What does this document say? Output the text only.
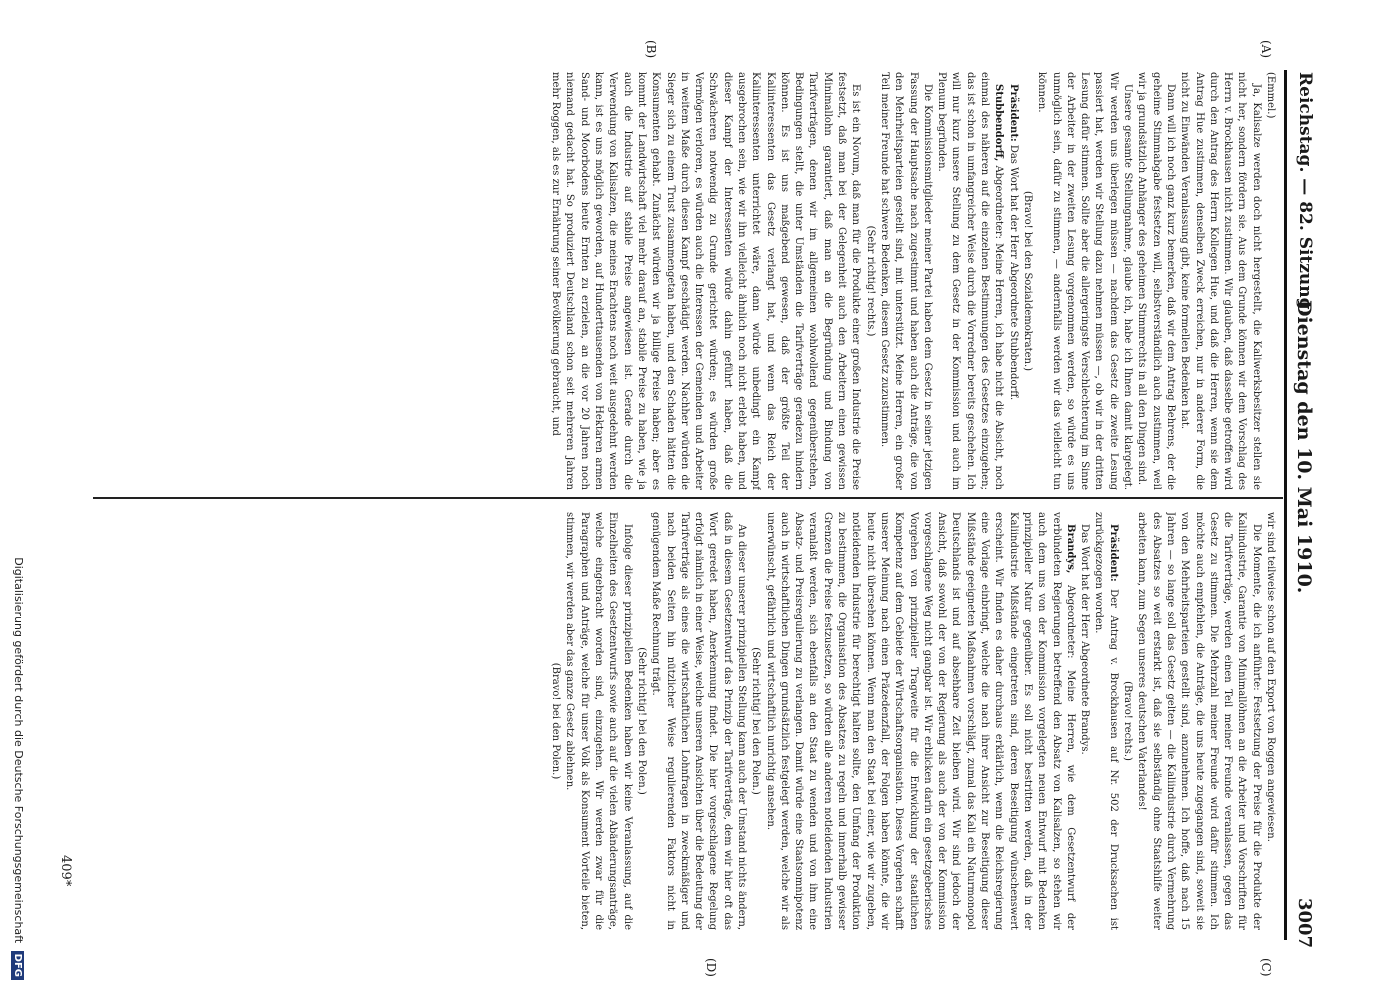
Reichstag. — 82. Sitzung.
Dienstag den 10. Mai 1910.
3007
(A)
(B)
(C)
(D)

(Emmel.)

Ja, Kalisalze werden doch nicht hergestellt, die Kaliwerksbesitzer stellen sie nicht her, sondern fördern sie. Aus dem Grunde können wir dem Vorschlag des Herrn v. Brockhausen nicht zustimmen. Wir glauben, daß dasselbe getroffen wird durch den Antrag des Herrn Kollegen Hue, und daß die Herren, wenn sie dem Antrag Hue zustimmen, denselben Zweck erreichen, nur in anderer Form, die nicht zu Einwänden Veranlassung gibt, keine formellen Bedenken hat.

Dann will ich noch ganz kurz bemerken, daß wir dem Antrag Behrens, der die geheime Stimmabgabe festsetzen will, selbstverständlich auch zustimmen, weil wir ja grundsätzlich Anhänger des geheimen Stimmrechts in all den Dingen sind.

Unsere gesamte Stellungnahme, glaube ich, habe ich Ihnen damit klargelegt. Wir werden uns überlegen müssen — nachdem das Gesetz die zweite Lesung passiert hat, werden wir Stellung dazu nehmen müssen —, ob wir in der dritten Lesung dafür stimmen. Sollte aber die allergeringste Verschlechterung im Sinne der Arbeiter in der zweiten Lesung vorgenommen werden, so würde es uns unmöglich sein, dafür zu stimmen, — andernfalls werden wir das vielleicht tun können.

(Bravo! bei den Sozialdemokraten.)

Präsident: Das Wort hat der Herr Abgeordnete Stubbendorff.

Stubbendorff, Abgeordneter: Meine Herren, ich habe nicht die Absicht, noch einmal des näheren auf die einzelnen Bestimmungen des Gesetzes einzugehen; das ist schon in umfangreicher Weise durch die Vorredner bereits geschehen. Ich will nur kurz unsere Stellung zu dem Gesetz in der Kommission und auch im Plenum begründen.

Die Kommissionsmitglieder meiner Partei haben dem Gesetz in seiner jetzigen Fassung der Hauptsache nach zugestimmt und haben auch die Anträge, die von den Mehrheitsparteien gestellt sind, mit unterstützt. Meine Herren, ein großer Teil meiner Freunde hat schwere Bedenken, diesem Gesetz zuzustimmen.

(Sehr richtig! rechts.)

Es ist ein Novum, daß man für die Produkte einer großen Industrie die Preise festsetzt, daß man bei der Gelegenheit auch den Arbeitern einen gewissen Minimallohn garantiert, daß man an die Begründung und Bindung von Tarifverträgen, denen wir im allgemeinen wohlwollend gegenüberstehen, Bedingungen stellt, die unter Umständen die Tarifverträge geradezu hindern können. Es ist uns maßgebend gewesen, daß der größte Teil der Kaliinteressenten das Gesetz verlangt hat, und wenn das Reich der Kaliinteressenten unterrichtet wäre, dann würde unbedingt ein Kampf ausgebrochen sein, wie wir ihn vielleicht ähnlich noch nicht erlebt haben, und dieser Kampf der Interessenten würde dahin geführt haben, daß die Schwächeren notwendig zu Grunde gerichtet würden; es würden große Vermögen verloren, es würden auch die Interessen der Gemeinden und Arbeiter in weitem Maße durch diesen Kampf geschädigt werden. Nachher würden die Sieger sich zu einem Trust zusammengetan haben, und den Schaden hätten die Konsumenten gehabt. Zunächst würden wir ja billige Preise haben; aber es kommt der Landwirtschaft viel mehr darauf an, stabile Preise zu haben, wie ja auch die Industrie auf stabile Preise angewiesen ist. Gerade durch die Verwendung von Kalisalzen, die meines Erachtens noch weit ausgedehnt werden kann, ist es uns möglich geworden, auf Hunderttausenden von Hektaren armen Sand- und Moorbodens heute Ernten zu erzielen, an die vor 20 Jahren noch niemand gedacht hat. So produziert Deutschland schon seit mehreren Jahren mehr Roggen, als es zur Ernährung seiner Bevölkerung gebraucht, und

wir sind teilweise schon auf den Export von Roggen angewiesen.

Die Momente, die ich anführte: Festsetzung der Preise für die Produkte der Kaliindustrie, Garantie von Minimallöhnen an die Arbeiter und Vorschriften für die Tarifverträge, werden einen Teil meiner Freunde veranlassen, gegen das Gesetz zu stimmen. Die Mehrzahl meiner Freunde wird dafür stimmen. Ich möchte auch empfehlen, die Anträge, die uns heute zugegangen sind, soweit sie von den Mehrheitsparteien gestellt sind, anzunehmen. Ich hoffe, daß nach 15 Jahren — so lange soll das Gesetz gelten — die Kaliindustrie durch Vermehrung des Absatzes so weit erstarkt ist, daß sie selbständig ohne Staatshilfe weiter arbeiten kann, zum Segen unseres deutschen Vaterlandes!

(Bravo! rechts.)

Präsident: Der Antrag v. Brockhausen auf Nr. 502 der Drucksachen ist zurückgezogen worden.

Das Wort hat der Herr Abgeordnete Brandys.

Brandys, Abgeordneter: Meine Herren, wie dem Gesetzentwurf der verbündeten Regierungen betreffend den Absatz von Kalisalzen, so stehen wir auch dem uns von der Kommission vorgelegten neuen Entwurf mit Bedenken prinzipieller Natur gegenüber. Es soll nicht bestritten werden, daß in der Kaliindustrie Mißstände eingetreten sind, deren Beseitigung wünschenswert erscheint. Wir finden es daher durchaus erklärlich, wenn die Reichsregierung eine Vorlage einbringt, welche die nach ihrer Ansicht zur Beseitigung dieser Mißstände geeigneten Maßnahmen vorschlägt, zumal das Kali ein Naturmonopol Deutschlands ist und auf absehbare Zeit bleiben wird. Wir sind jedoch der Ansicht, daß sowohl der von der Regierung als auch der von der Kommission vorgeschlagene Weg nicht gangbar ist. Wir erblicken darin ein gesetzgeberisches Vorgehen von prinzipieller Tragweite für die Entwicklung der staatlichen Kompetenz auf dem Gebiete der Wirtschaftsorganisation. Dieses Vorgehen schafft unserer Meinung nach einen Präzedenzfall, der Folgen haben könnte, die wir heute nicht übersehen können. Wenn man den Staat bei einer, wie wir zugeben, notleidenden Industrie für berechtigt halten sollte, den Umfang der Produktion zu bestimmen, die Organisation des Absatzes zu regeln und innerhalb gewisser Grenzen die Preise festzusetzen, so würden alle anderen notleidenden Industrien veranlaßt werden, sich ebenfalls an den Staat zu wenden und von ihm eine Absatz- und Preisregulierung zu verlangen. Damit würde eine Staatsomnipotenz auch in wirtschaftlichen Dingen grundsätzlich festgelegt werden, welche wir als unerwünscht, gefährlich und wirtschaftlich unrichtig ansehen.

(Sehr richtig! bei den Polen.)

An dieser unserer prinzipiellen Stellung kann auch der Umstand nichts ändern, daß in diesem Gesetzentwurf das Prinzip der Tarifverträge, dem wir hier oft das Wort geredet haben, Anerkennung findet. Die hier vorgeschlagene Regelung erfolgt nämlich in einer Weise, welche unseren Ansichten über die Bedeutung der Tarifverträge als eines die wirtschaftlichen Lohnfragen in zweckmäßiger und nach beiden Seiten hin nützlicher Weise regulierenden Faktors nicht in genügendem Maße Rechnung trägt.

(Sehr richtig! bei den Polen.)

Infolge dieser prinzipiellen Bedenken haben wir keine Veranlassung, auf die Einzelheiten des Gesetzentwurfs sowie auch auf die vielen Abänderungsanträge, welche eingebracht worden sind, einzugehen. Wir werden zwar für die Paragraphen und Anträge, welche für unser Volk als Konsument Vorteile bieten, stimmen, wir werden aber das ganze Gesetz ablehnen.

(Bravo! bei den Polen.)

409*
Digitalisierung gefördert durch die Deutsche Forschungsgemeinschaft DFG
